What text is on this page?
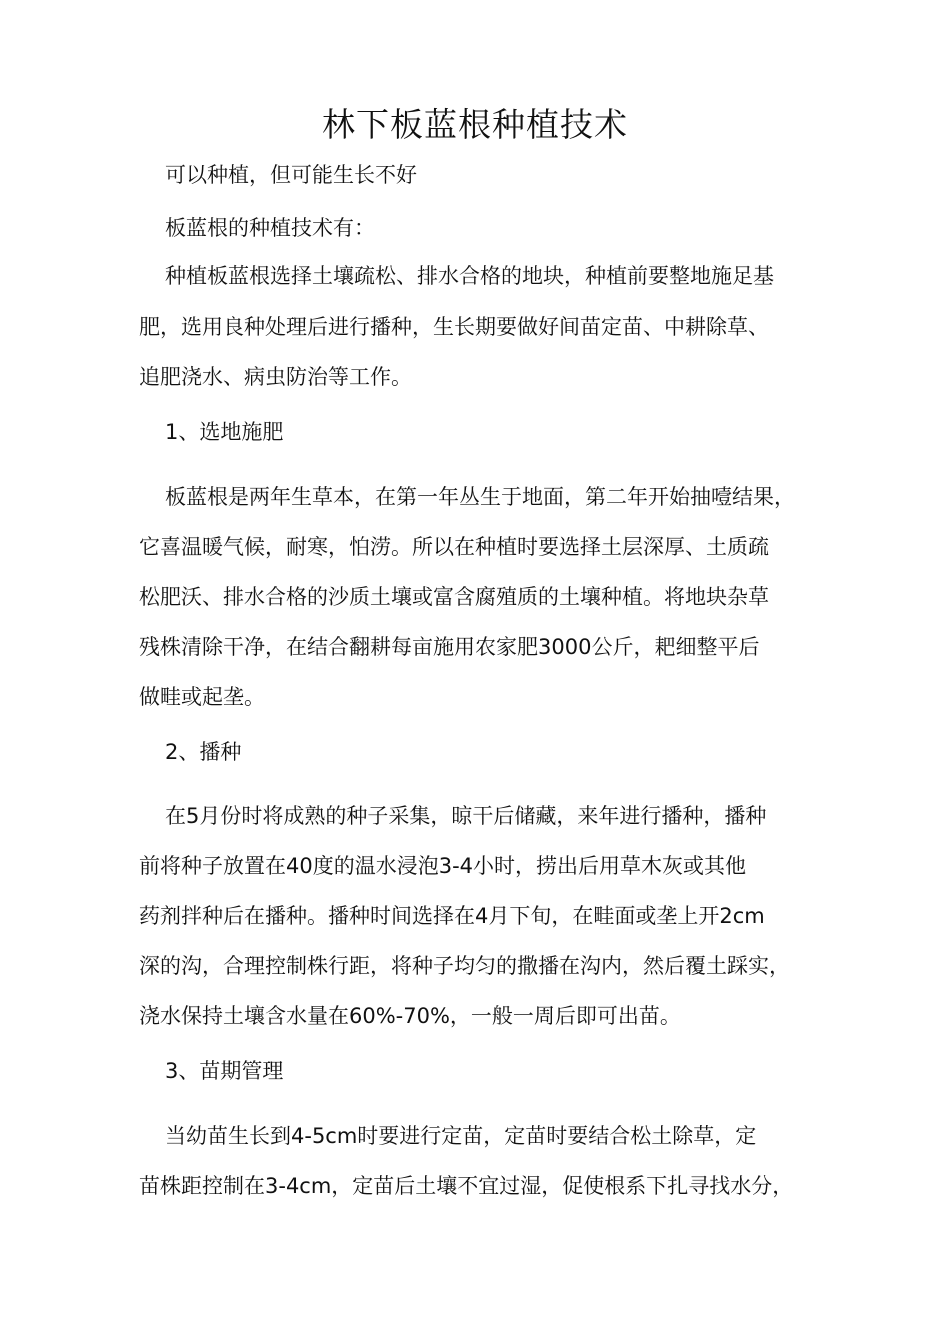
林下板蓝根种植技术
可以种植，但可能生长不好
板蓝根的种植技术有：
种植板蓝根选择土壤疏松、排水合格的地块，种植前要整地施足基
肥，选用良种处理后进行播种，生长期要做好间苗定苗、中耕除草、
追肥浇水、病虫防治等工作。
1、选地施肥
板蓝根是两年生草本，在第一年丛生于地面，第二年开始抽噎结果，
它喜温暖气候，耐寒，怕涝。所以在种植时要选择土层深厚、土质疏
松肥沃、排水合格的沙质土壤或富含腐殖质的土壤种植。将地块杂草
残株清除干净，在结合翻耕每亩施用农家肥3000公斤，耙细整平后
做畦或起垄。
2、播种
在5月份时将成熟的种子采集，晾干后储藏，来年进行播种，播种
前将种子放置在40度的温水浸泡3-4小时，捞出后用草木灰或其他
药剂拌种后在播种。播种时间选择在4月下旬，在畦面或垄上开2cm
深的沟，合理控制株行距，将种子均匀的撒播在沟内，然后覆土踩实，
浇水保持土壤含水量在60%-70%，一般一周后即可出苗。
3、苗期管理
当幼苗生长到4-5cm时要进行定苗，定苗时要结合松土除草，定
苗株距控制在3-4cm，定苗后土壤不宜过湿，促使根系下扎寻找水分，
